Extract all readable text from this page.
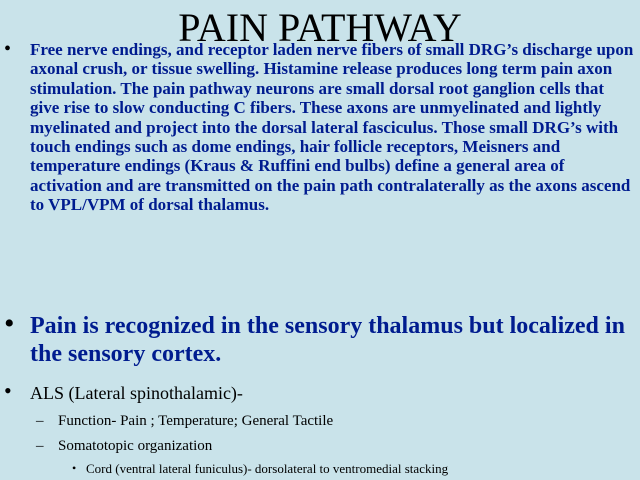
PAIN PATHWAY
• Free nerve endings, and receptor laden nerve fibers of small DRG’s discharge upon axonal crush, or tissue swelling. Histamine release produces long term pain axon stimulation. The pain pathway neurons are small dorsal root ganglion cells that give rise to slow conducting C fibers. These axons are unmyelinated and lightly myelinated and project into the dorsal lateral fasciculus. Those small DRG’s with touch endings such as dome endings, hair follicle receptors, Meisners and temperature endings (Kraus & Ruffini end bulbs) define a general area of activation and are transmitted on the pain path contralaterally as the axons ascend to VPL/VPM of dorsal thalamus.
• Pain is recognized in the sensory thalamus but localized in the sensory cortex.
• ALS (Lateral spinothalamic)-
– Function- Pain ; Temperature; General Tactile
– Somatotopic organization
• Cord (ventral lateral funiculus)- dorsolateral to ventromedial stacking
